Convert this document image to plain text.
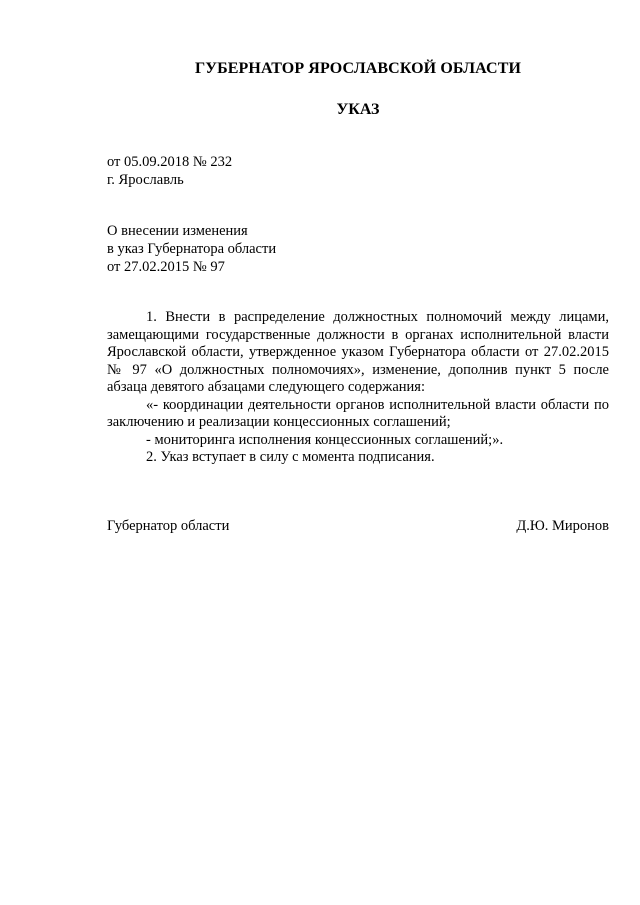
ГУБЕРНАТОР ЯРОСЛАВСКОЙ ОБЛАСТИ
УКАЗ
от 05.09.2018 № 232
г. Ярославль
О внесении изменения
в указ Губернатора области
от 27.02.2015 № 97

1. Внести в распределение должностных полномочий между лицами, замещающими государственные должности в органах исполнительной власти Ярославской области, утвержденное указом Губернатора области от 27.02.2015 № 97 «О должностных полномочиях», изменение, дополнив пункт 5 после абзаца девятого абзацами следующего содержания:

«- координации деятельности органов исполнительной власти области по заключению и реализации концессионных соглашений;

- мониторинга исполнения концессионных соглашений;».

2. Указ вступает в силу с момента подписания.

Губернатор области	Д.Ю. Миронов
